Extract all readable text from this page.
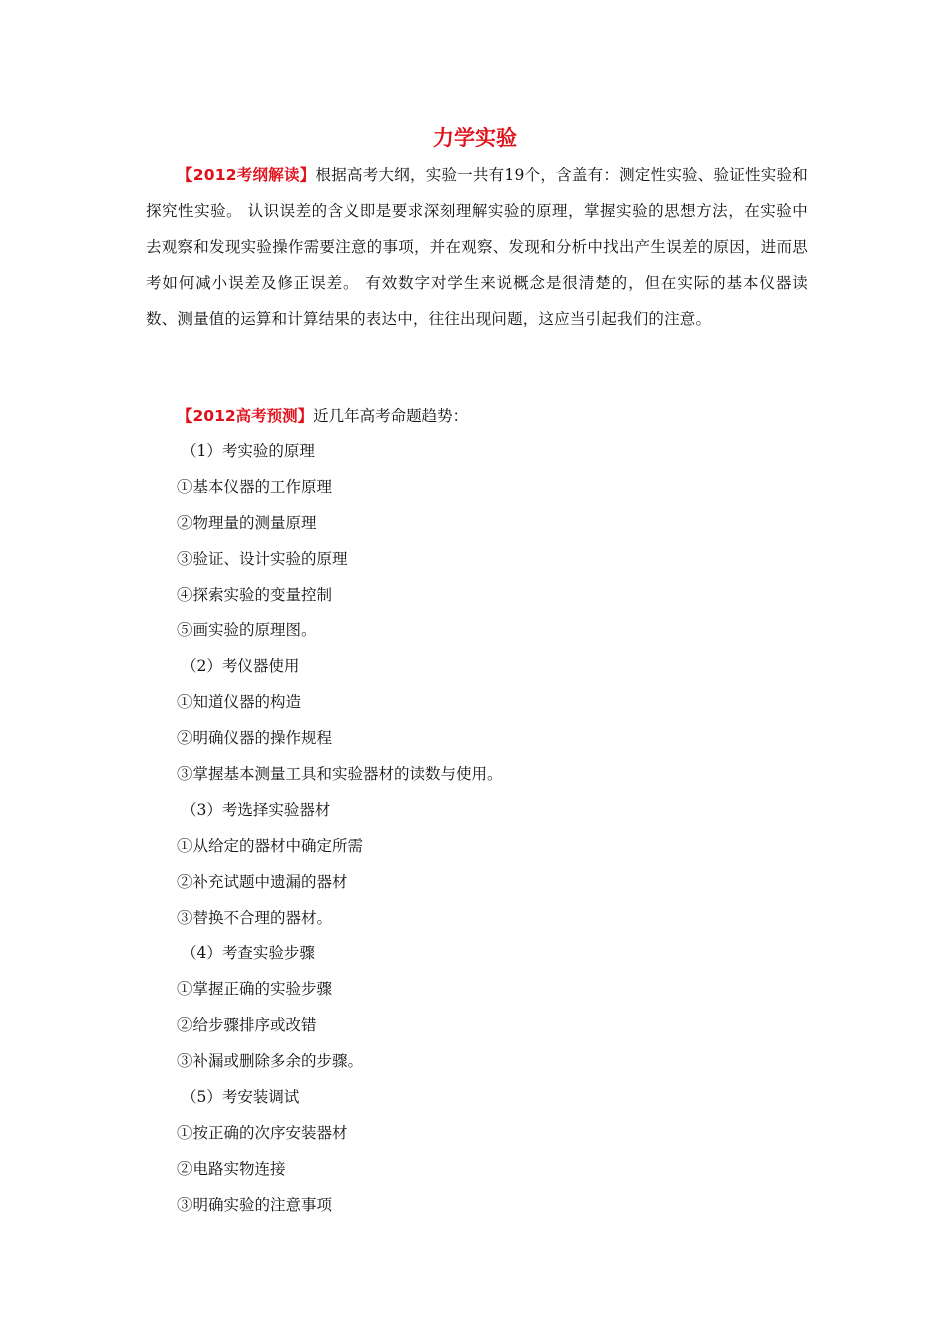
力学实验

【2012考纲解读】根据高考大纲，实验一共有19个，含盖有：测定性实验、验证性实验和探究性实验。 认识误差的含义即是要求深刻理解实验的原理，掌握实验的思想方法，在实验中去观察和发现实验操作需要注意的事项，并在观察、发现和分析中找出产生误差的原因，进而思考如何减小误差及修正误差。 有效数字对学生来说概念是很清楚的，但在实际的基本仪器读数、测量值的运算和计算结果的表达中，往往出现问题，这应当引起我们的注意。

【2012高考预测】近几年高考命题趋势：

（1）考实验的原理
①基本仪器的工作原理
②物理量的测量原理
③验证、设计实验的原理
④探索实验的变量控制
⑤画实验的原理图。
（2）考仪器使用
①知道仪器的构造
②明确仪器的操作规程
③掌握基本测量工具和实验器材的读数与使用。
（3）考选择实验器材
①从给定的器材中确定所需
②补充试题中遗漏的器材
③替换不合理的器材。
（4）考查实验步骤
①掌握正确的实验步骤
②给步骤排序或改错
③补漏或删除多余的步骤。
（5）考安装调试
①按正确的次序安装器材
②电路实物连接
③明确实验的注意事项
